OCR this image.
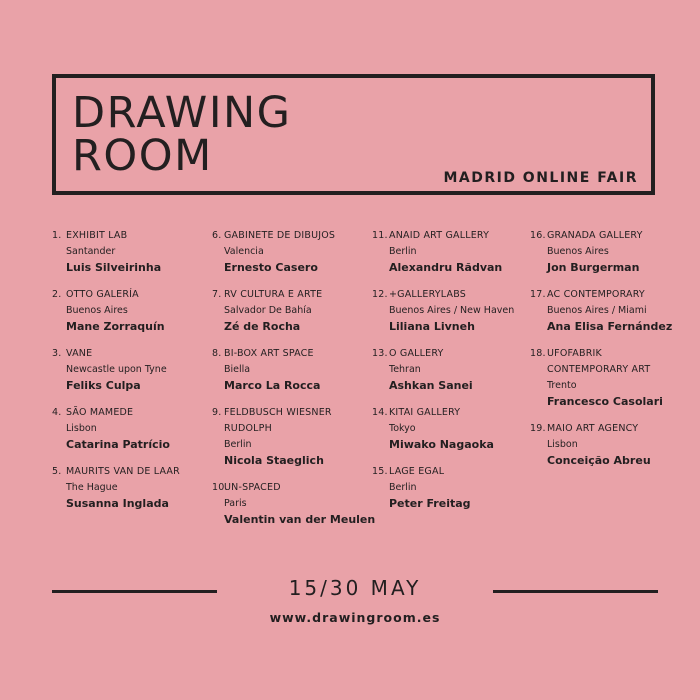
DRAWING
ROOM	MADRID ONLINE FAIR
1. EXHIBIT LAB
Santander
Luis Silveirinha
2. OTTO GALERÍA
Buenos Aires
Mane Zorraquín
3. VANE
Newcastle upon Tyne
Feliks Culpa
4. SÃO MAMEDE
Lisbon
Catarina Patrício
5. MAURITS VAN DE LAAR
The Hague
Susanna Inglada
6. GABINETE DE DIBUJOS
Valencia
Ernesto Casero
7. RV CULTURA E ARTE
Salvador De Bahía
Zé de Rocha
8. BI-BOX ART SPACE
Biella
Marco La Rocca
9. FELDBUSCH WIESNER
RUDOLPH
Berlin
Nicola Staeglich
10.UN-SPACED
Paris
Valentin van der Meulen
11.ANAID ART GALLERY
Berlin
Alexandru Rădvan
12.+GALLERYLABS
Buenos Aires / New Haven
Liliana Livneh
13.O GALLERY
Tehran
Ashkan Sanei
14.KITAI GALLERY
Tokyo
Miwako Nagaoka
15.LAGE EGAL
Berlin
Peter Freitag
16.GRANADA GALLERY
Buenos Aires
Jon Burgerman
17.AC CONTEMPORARY
Buenos Aires / Miami
Ana Elisa Fernández
18.UFOFABRIK
CONTEMPORARY ART
Trento
Francesco Casolari
19.MAIO ART AGENCY
Lisbon
Conceição Abreu
15/30 MAY
www.drawingroom.es
